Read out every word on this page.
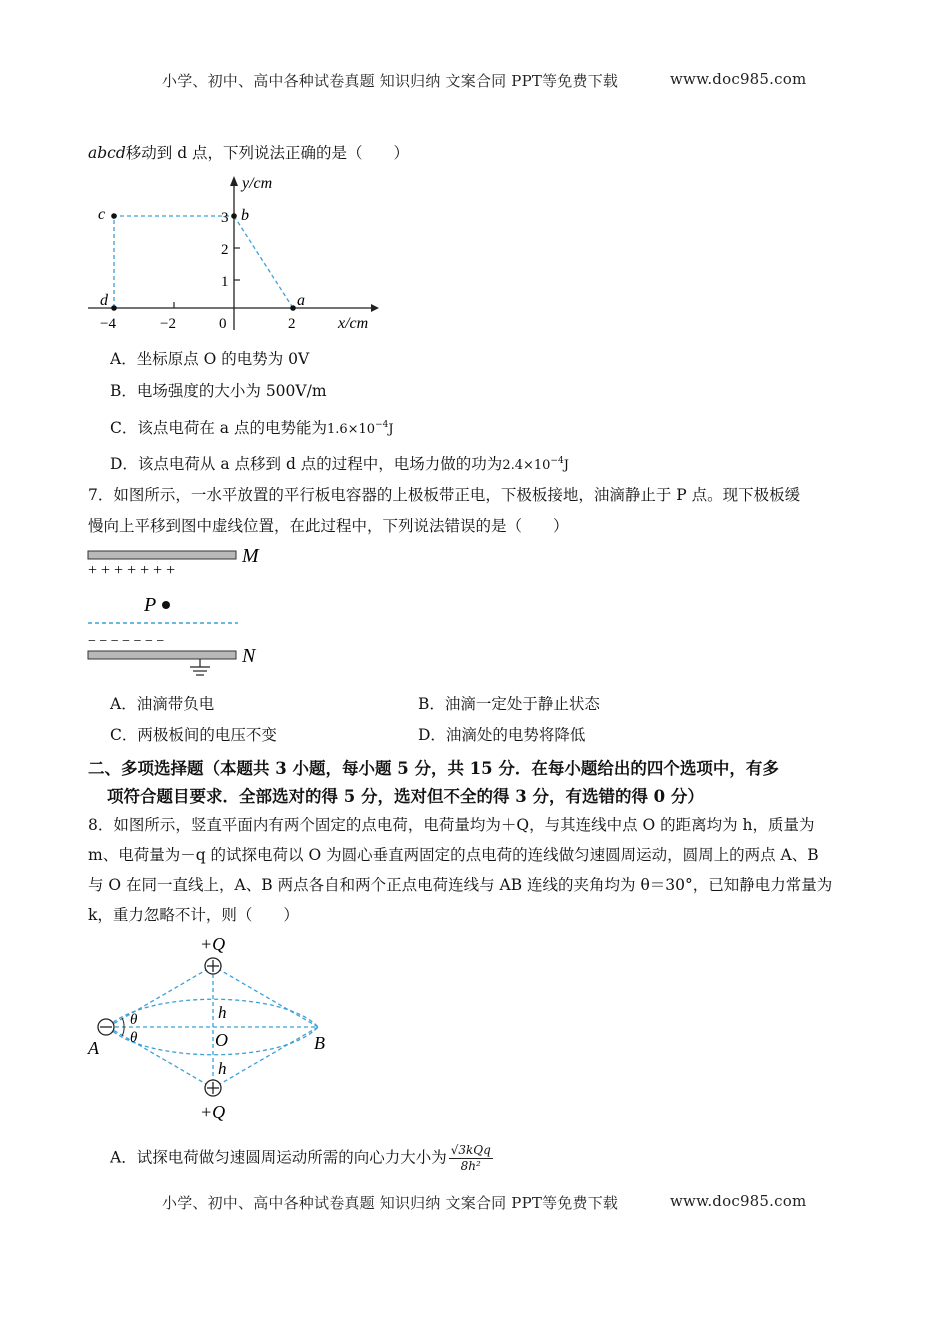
小学、初中、高中各种试卷真题 知识归纳 文案合同 PPT等免费下载	www.doc985.com
abcd移动到 d 点，下列说法正确的是（　　）
c	b
d	a
y/cm
x/cm
−4	−2	0	2
1
2
3
A．坐标原点 O 的电势为 0V
B．电场强度的大小为 500V/m
C．该点电荷在 a 点的电势能为$1.6\times 10^{-4}J$
D．该点电荷从 a 点移到 d 点的过程中，电场力做的功为$2.4\times 10^{-4}J$
7．如图所示，一水平放置的平行板电容器的上极板带正电，下极板接地，油滴静止于 P 点。现下极板缓
慢向上平移到图中虚线位置，在此过程中，下列说法错误的是（　　）
M
+ + + + + + +
P
− − − − − − −
N
A．油滴带负电	B．油滴一定处于静止状态
C．两极板间的电压不变	D．油滴处的电势将降低
二、多项选择题（本题共 3 小题，每小题 5 分，共 15 分．在每小题给出的四个选项中，有多
项符合题目要求．全部选对的得 5 分，选对但不全的得 3 分，有选错的得 0 分）
8．如图所示，竖直平面内有两个固定的点电荷，电荷量均为＋Q，与其连线中点 O 的距离均为 h，质量为
m、电荷量为－q 的试探电荷以 O 为圆心垂直两固定的点电荷的连线做匀速圆周运动，圆周上的两点 A、B
与 O 在同一直线上，A、B 两点各自和两个正点电荷连线与 AB 连线的夹角均为 θ＝30°，已知静电力常量为
k，重力忽略不计，则（　　）
+Q
+Q
θ
θ
h
h
O
A	B
A．试探电荷做匀速圆周运动所需的向心力大小为 $\frac{\text{√3kQq}}{\text{8h²}}$
小学、初中、高中各种试卷真题 知识归纳 文案合同 PPT等免费下载	www.doc985.com
